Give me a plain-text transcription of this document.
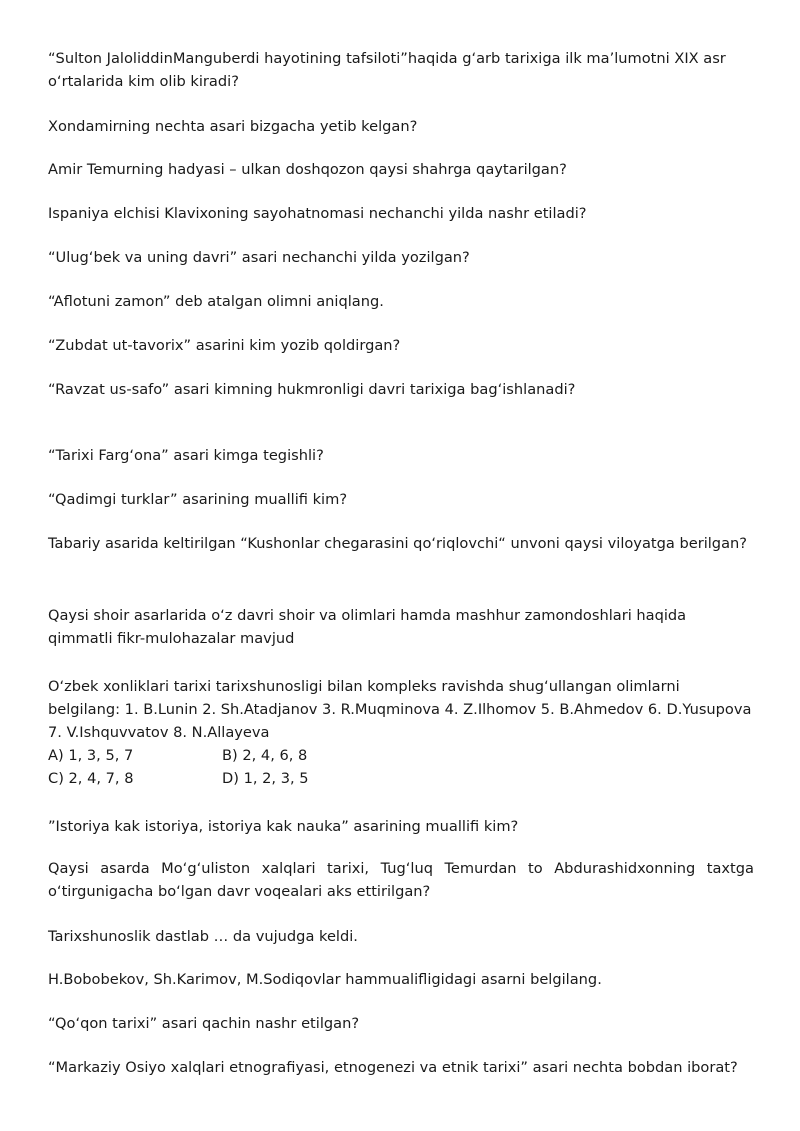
“Sulton JaloliddinManguberdi hayotining tafsiloti”haqida g‘arb tarixiga ilk ma’lumotni XIX asr o‘rtalarida kim olib kiradi?

Xondamirning nechta asari bizgacha yetib kelgan?

Amir Temurning hadyasi – ulkan doshqozon qaysi shahrga qaytarilgan?

Ispaniya elchisi Klavixoning sayohatnomasi nechanchi yilda nashr etiladi?

“Ulug‘bek va uning davri” asari nechanchi yilda yozilgan?

“Aflotuni zamon” deb atalgan olimni aniqlang.

“Zubdat ut-tavorix” asarini kim yozib qoldirgan?

“Ravzat us-safo” asari kimning hukmronligi davri tarixiga bag‘ishlanadi?

“Tarixi Farg‘ona” asari kimga tegishli?

“Qadimgi turklar” asarining muallifi kim?

Tabariy asarida keltirilgan “Kushonlar chegarasini qo‘riqlovchi“ unvoni qaysi viloyatga berilgan?

Qaysi shoir asarlarida o‘z davri shoir va olimlari hamda mashhur zamondoshlari haqida qimmatli fikr-mulohazalar mavjud

O‘zbek xonliklari tarixi tarixshunosligi bilan kompleks ravishda shug‘ullangan olimlarni belgilang: 1. B.Lunin 2. Sh.Atadjanov 3. R.Muqminova 4. Z.Ilhomov 5. B.Ahmedov 6. D.Yusupova 7. V.Ishquvvatov 8. N.Allayeva

A) 1, 3, 5, 7	B) 2, 4, 6, 8
C) 2, 4, 7, 8	D) 1, 2, 3, 5

”Istoriya kak istoriya, istoriya kak nauka” asarining muallifi kim?

Qaysi asarda Mo‘g‘uliston xalqlari tarixi, Tug‘luq Temurdan to Abdurashidxonning taxtga o‘tirgunigacha bo‘lgan davr voqealari aks ettirilgan?

Tarixshunoslik dastlab … da vujudga keldi.

H.Bobobekov, Sh.Karimov, M.Sodiqovlar hammualifligidagi asarni belgilang.

“Qo‘qon tarixi” asari qachin nashr etilgan?

“Markaziy Osiyo xalqlari etnografiyasi, etnogenezi va etnik tarixi” asari nechta bobdan iborat?
